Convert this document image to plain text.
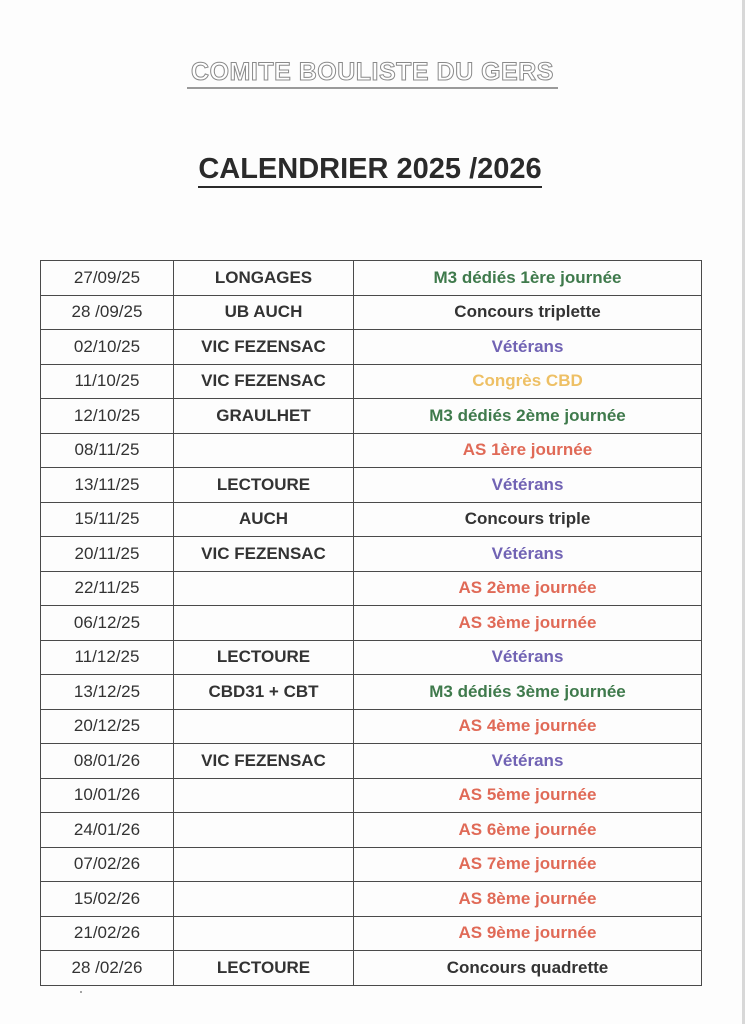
COMITE BOULISTE DU GERS
CALENDRIER 2025 /2026
27/09/25	LONGAGES	M3 dédiés 1ère journée
28 /09/25	UB AUCH	Concours triplette
02/10/25	VIC FEZENSAC	Vétérans
11/10/25	VIC FEZENSAC	Congrès CBD
12/10/25	GRAULHET	M3 dédiés 2ème journée
08/11/25		AS 1ère journée
13/11/25	LECTOURE	Vétérans
15/11/25	AUCH	Concours triple
20/11/25	VIC FEZENSAC	Vétérans
22/11/25		AS 2ème journée
06/12/25		AS 3ème journée
11/12/25	LECTOURE	Vétérans
13/12/25	CBD31 + CBT	M3 dédiés 3ème journée
20/12/25		AS 4ème journée
08/01/26	VIC FEZENSAC	Vétérans
10/01/26		AS 5ème journée
24/01/26		AS 6ème journée
07/02/26		AS 7ème journée
15/02/26		AS 8ème journée
21/02/26		AS 9ème journée
28 /02/26	LECTOURE	Concours quadrette
